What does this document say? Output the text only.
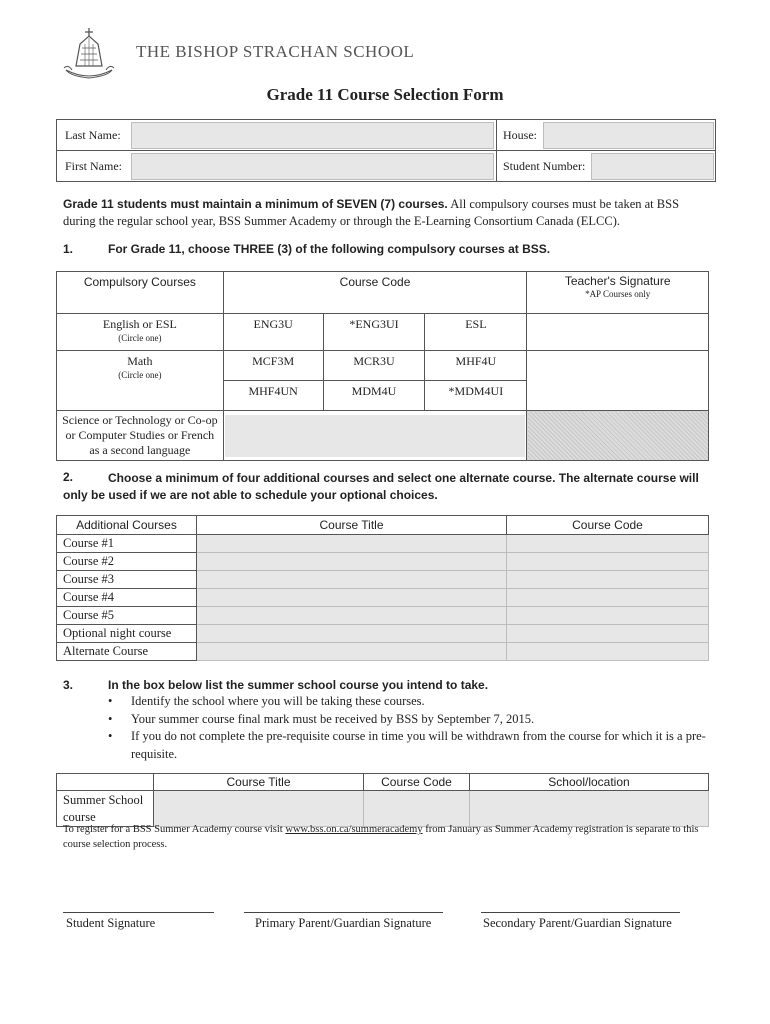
THE BISHOP STRACHAN SCHOOL
Grade 11 Course Selection Form
Last Name:	House:

First Name:	Student Number:
Grade 11 students must maintain a minimum of SEVEN (7) courses. All compulsory courses must be taken at BSS during the regular school year, BSS Summer Academy or through the E-Learning Consortium Canada (ELCC).
1.	For Grade 11, choose THREE (3) of the following compulsory courses at BSS.
Compulsory Courses	Course Code			Teacher's Signature
*AP Courses only

English or ESL
(Circle one)	ENG3U	*ENG3UI	ESL	

Math
(Circle one)	MCF3M	MCR3U	MHF4U	
	MHF4UN	MDM4U	*MDM4UI	
Science or Technology or Co-op or Computer Studies or French as a second language			

2.	Choose a minimum of four additional courses and select one alternate course. The alternate course will only be used if we are not able to schedule your optional choices.
Additional Courses	Course Title	Course Code
Course #1		
Course #2		
Course #3		
Course #4		
Course #5		
Optional night course		
Alternate Course		
3.	In the box below list the summer school course you intend to take.
•	Identify the school where you will be taking these courses.
•	Your summer course final mark must be received by BSS by September 7, 2015.
•	If you do not complete the pre-requisite course in time you will be withdrawn from the course for which it is a pre-requisite.
	Course Title	Course Code	School/location
Summer School course			
To register for a BSS Summer Academy course visit www.bss.on.ca/summeracademy from January as Summer Academy registration is separate to this course selection process.
Student Signature	Primary Parent/Guardian Signature	Secondary Parent/Guardian Signature
